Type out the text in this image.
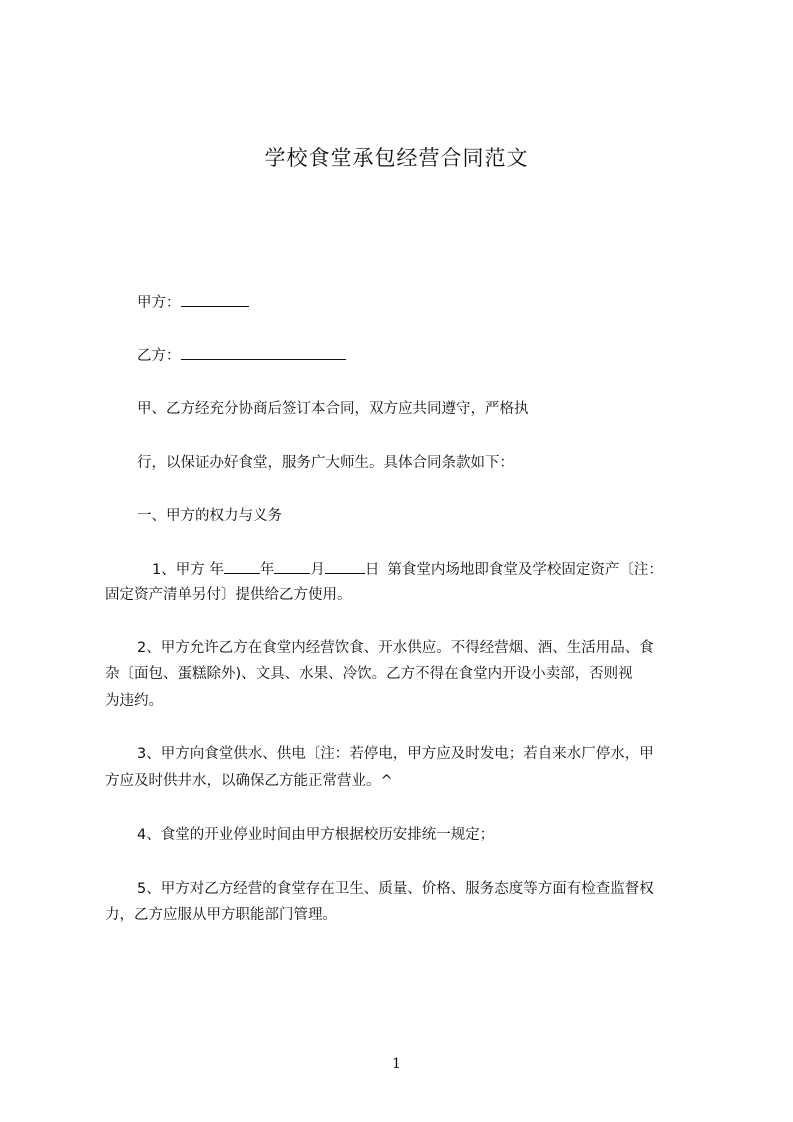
学校食堂承包经营合同范文
甲方：
乙方：
甲、乙方经充分协商后签订本合同，双方应共同遵守，严格执
行，以保证办好食堂，服务广大师生。具体合同条款如下：
一、甲方的权力与义务
1、甲方 年 年 月	日 第食堂内场地即食堂及学校固定资产〔注：
固定资产清单另付〕提供给乙方使用。
2、甲方允许乙方在食堂内经营饮食、开水供应。不得经营烟、酒、生活用品、食
杂〔面包、蛋糕除外)、文具、水果、冷饮。乙方不得在食堂内开设小卖部，否则视
为违约。
3、甲方向食堂供水、供电〔注：若停电，甲方应及时发电；若自来水厂停水，甲
方应及时供井水，以确保乙方能正常营业。^
4、食堂的开业停业时间由甲方根据校历安排统一规定；
5、甲方对乙方经营的食堂存在卫生、质量、价格、服务态度等方面有检查监督权
力，乙方应服从甲方职能部门管理。
1
